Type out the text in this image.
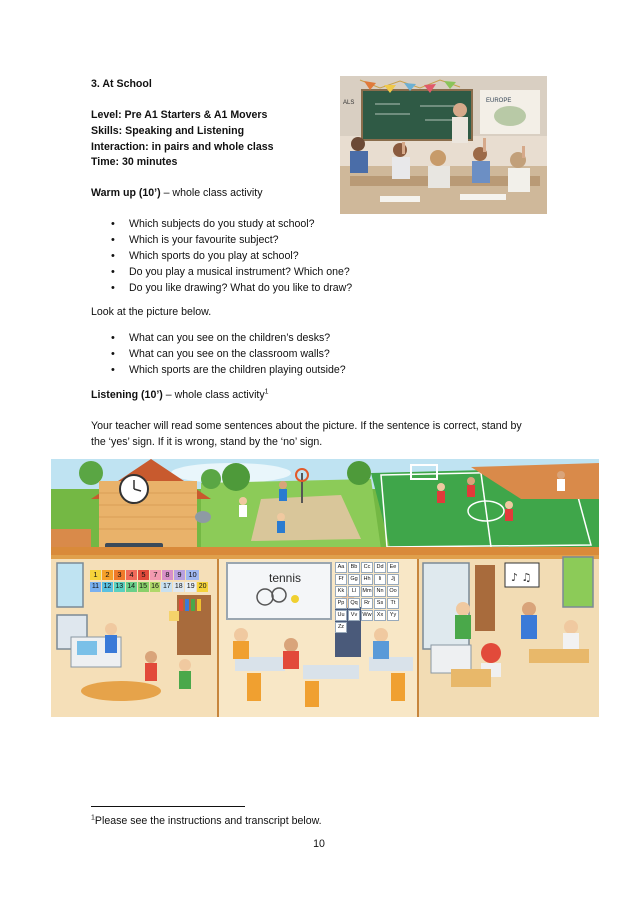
3. At School
Level: Pre A1 Starters & A1 Movers
Skills: Speaking and Listening
Interaction: in pairs and whole class
Time: 30 minutes
Warm up (10’) – whole class activity
• Which subjects do you study at school?
• Which is your favourite subject?
• Which sports do you play at school?
• Do you play a musical instrument? Which one?
• Do you like drawing? What do you like to draw?
Look at the picture below.
• What can you see on the children’s desks?
• What can you see on the classroom walls?
• Which sports are the children playing outside?
Listening (10’) – whole class activity$^1$
Your teacher will read some sentences about the picture. If the sentence is correct, stand by
the ‘yes’ sign. If it is wrong, stand by the ‘no’ sign.
ALS	EUROPE
tennis	♪ ♫
1	2	3	4	5	7	8	9 10
11 12 13 14 15 16 17 18 19 20
Aa	Bb	Cc	Dd	Ee
Ff	Gg	Hh	Ii	Jj
Kk	Ll	Mm Nn	Oo
Pp	Qq	Rr	Ss	Tt
Uu	Vv Ww Xx	Yy
Zz
$^1$Please see the instructions and transcript below.
10
